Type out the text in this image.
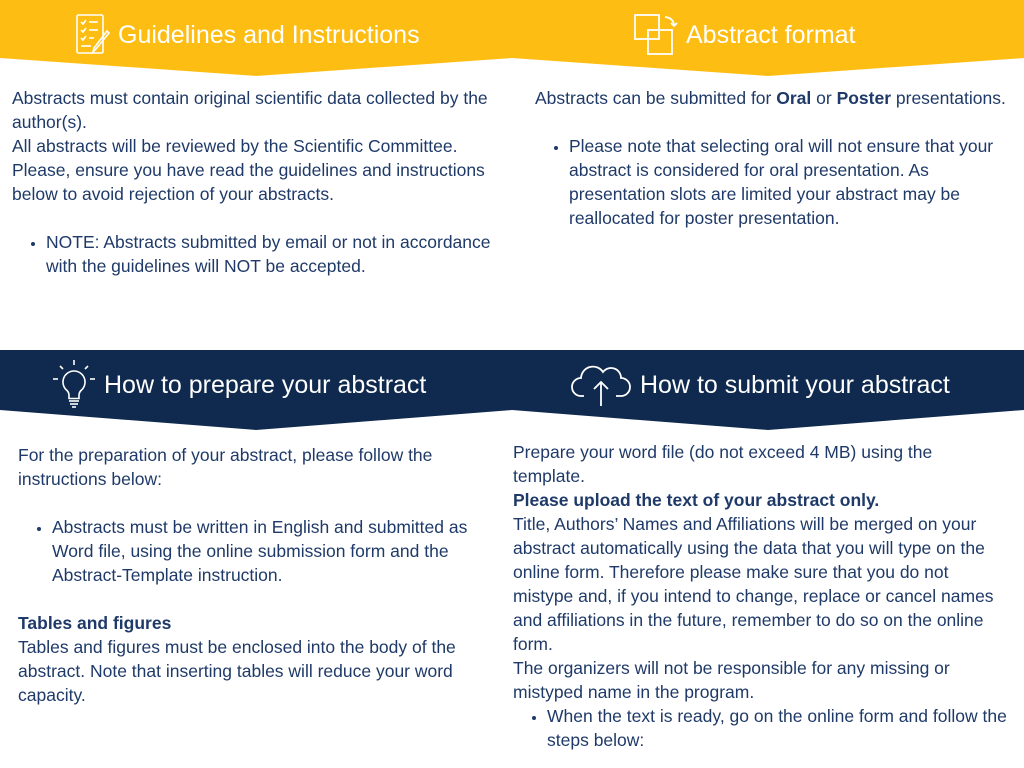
Guidelines and Instructions	Abstract format

Abstracts must contain original scientific data collected by the author(s).

All abstracts will be reviewed by the Scientific Committee.

Please, ensure you have read the guidelines and instructions below to avoid rejection of your abstracts.

• NOTE: Abstracts submitted by email or not in accordance with the guidelines will NOT be accepted.

Abstracts can be submitted for Oral or Poster presentations.

• Please note that selecting oral will not ensure that your abstract is considered for oral presentation. As presentation slots are limited your abstract may be reallocated for poster presentation.
How to prepare your abstract	How to submit your abstract

For the preparation of your abstract, please follow the instructions below:

• Abstracts must be written in English and submitted as Word file, using the online submission form and the Abstract-Template instruction.

Tables and figures

Tables and figures must be enclosed into the body of the abstract. Note that inserting tables will reduce your word capacity.

Prepare your word file (do not exceed 4 MB) using the template.

Please upload the text of your abstract only.

Title, Authors’ Names and Affiliations will be merged on your abstract automatically using the data that you will type on the online form. Therefore please make sure that you do not mistype and, if you intend to change, replace or cancel names and affiliations in the future, remember to do so on the online form.

The organizers will not be responsible for any missing or mistyped name in the program.

• When the text is ready, go on the online form and follow the steps below:
